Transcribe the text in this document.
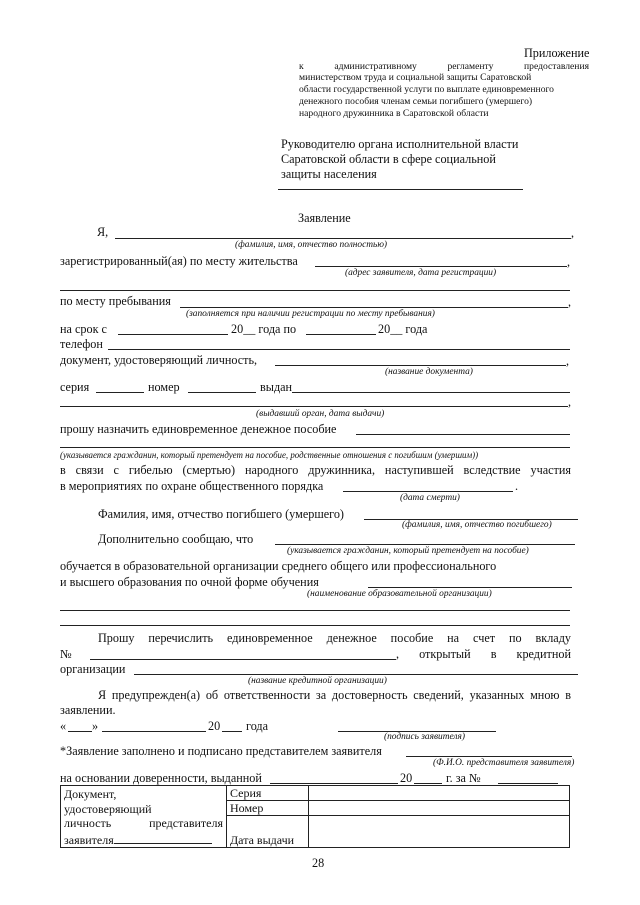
Приложение
к административному регламенту предоставления
министерством труда и социальной защиты Саратовской
области государственной услуги по выплате единовременного
денежного пособия членам семьи погибшего (умершего)
народного дружинника в Саратовской области
Руководителю органа исполнительной власти
Саратовской области в сфере социальной
защиты населения
Заявление
Я,	,
(фамилия, имя, отчество полностью)
зарегистрированный(ая) по месту жительства	,
(адрес заявителя, дата регистрации)
по месту пребывания	,
(заполняется при наличии регистрации по месту пребывания)
на срок с	20__ года по	20__ года
телефон
документ, удостоверяющий личность,	,
(название документа)
серия	номер	выдан
,
(выдавший орган, дата выдачи)
прошу назначить единовременное денежное пособие
(указывается гражданин, который претендует на пособие, родственные отношения с погибшим (умершим))
в связи с гибелью (смертью) народного дружинника, наступившей вследствие участия
в мероприятиях по охране общественного порядка	.
(дата смерти)
Фамилия, имя, отчество погибшего (умершего)
(фамилия, имя, отчество погибшего)
Дополнительно сообщаю, что
(указывается гражданин, который претендует на пособие)
обучается в образовательной организации среднего общего или профессионального
и высшего образования по очной форме обучения
(наименование образовательной организации)
Прошу перечислить единовременное денежное пособие на счет по вкладу
№	, открытый в кредитной
организации
(название кредитной организации)
Я предупрежден(а) об ответственности за достоверность сведений, указанных мною в
заявлении.
« »	20 года
(подпись заявителя)
*Заявление заполнено и подписано представителем заявителя
(Ф.И.О. представителя заявителя)
на основании доверенности, выданной	20	г. за №
Документ,
удостоверяющий
личность представителя
заявителя	Серия	
	Номер	
	Дата выдачи	
28
